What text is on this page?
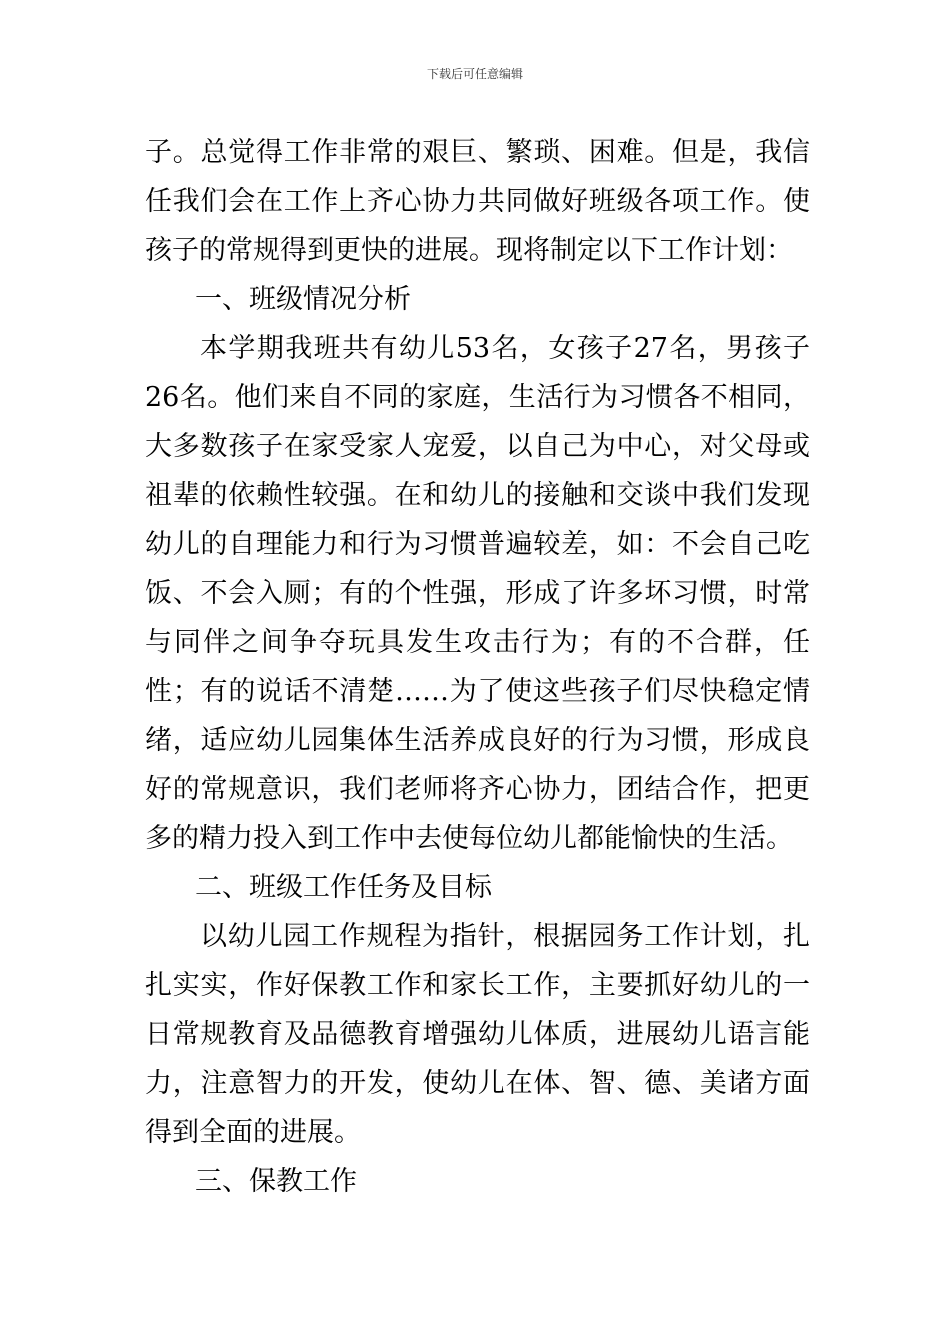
下载后可任意编辑

子。总觉得工作非常的艰巨、繁琐、困难。但是，我信任我们会在工作上齐心协力共同做好班级各项工作。使孩子的常规得到更快的进展。现将制定以下工作计划：

一、班级情况分析

本学期我班共有幼儿53名，女孩子27名，男孩子26名。他们来自不同的家庭，生活行为习惯各不相同，大多数孩子在家受家人宠爱，以自己为中心，对父母或祖辈的依赖性较强。在和幼儿的接触和交谈中我们发现幼儿的自理能力和行为习惯普遍较差，如：不会自己吃饭、不会入厕；有的个性强，形成了许多坏习惯，时常与同伴之间争夺玩具发生攻击行为；有的不合群，任性；有的说话不清楚……为了使这些孩子们尽快稳定情绪，适应幼儿园集体生活养成良好的行为习惯，形成良好的常规意识，我们老师将齐心协力，团结合作，把更多的精力投入到工作中去使每位幼儿都能愉快的生活。

二、班级工作任务及目标

以幼儿园工作规程为指针，根据园务工作计划，扎扎实实，作好保教工作和家长工作，主要抓好幼儿的一日常规教育及品德教育增强幼儿体质，进展幼儿语言能力，注意智力的开发，使幼儿在体、智、德、美诸方面得到全面的进展。

三、保教工作
